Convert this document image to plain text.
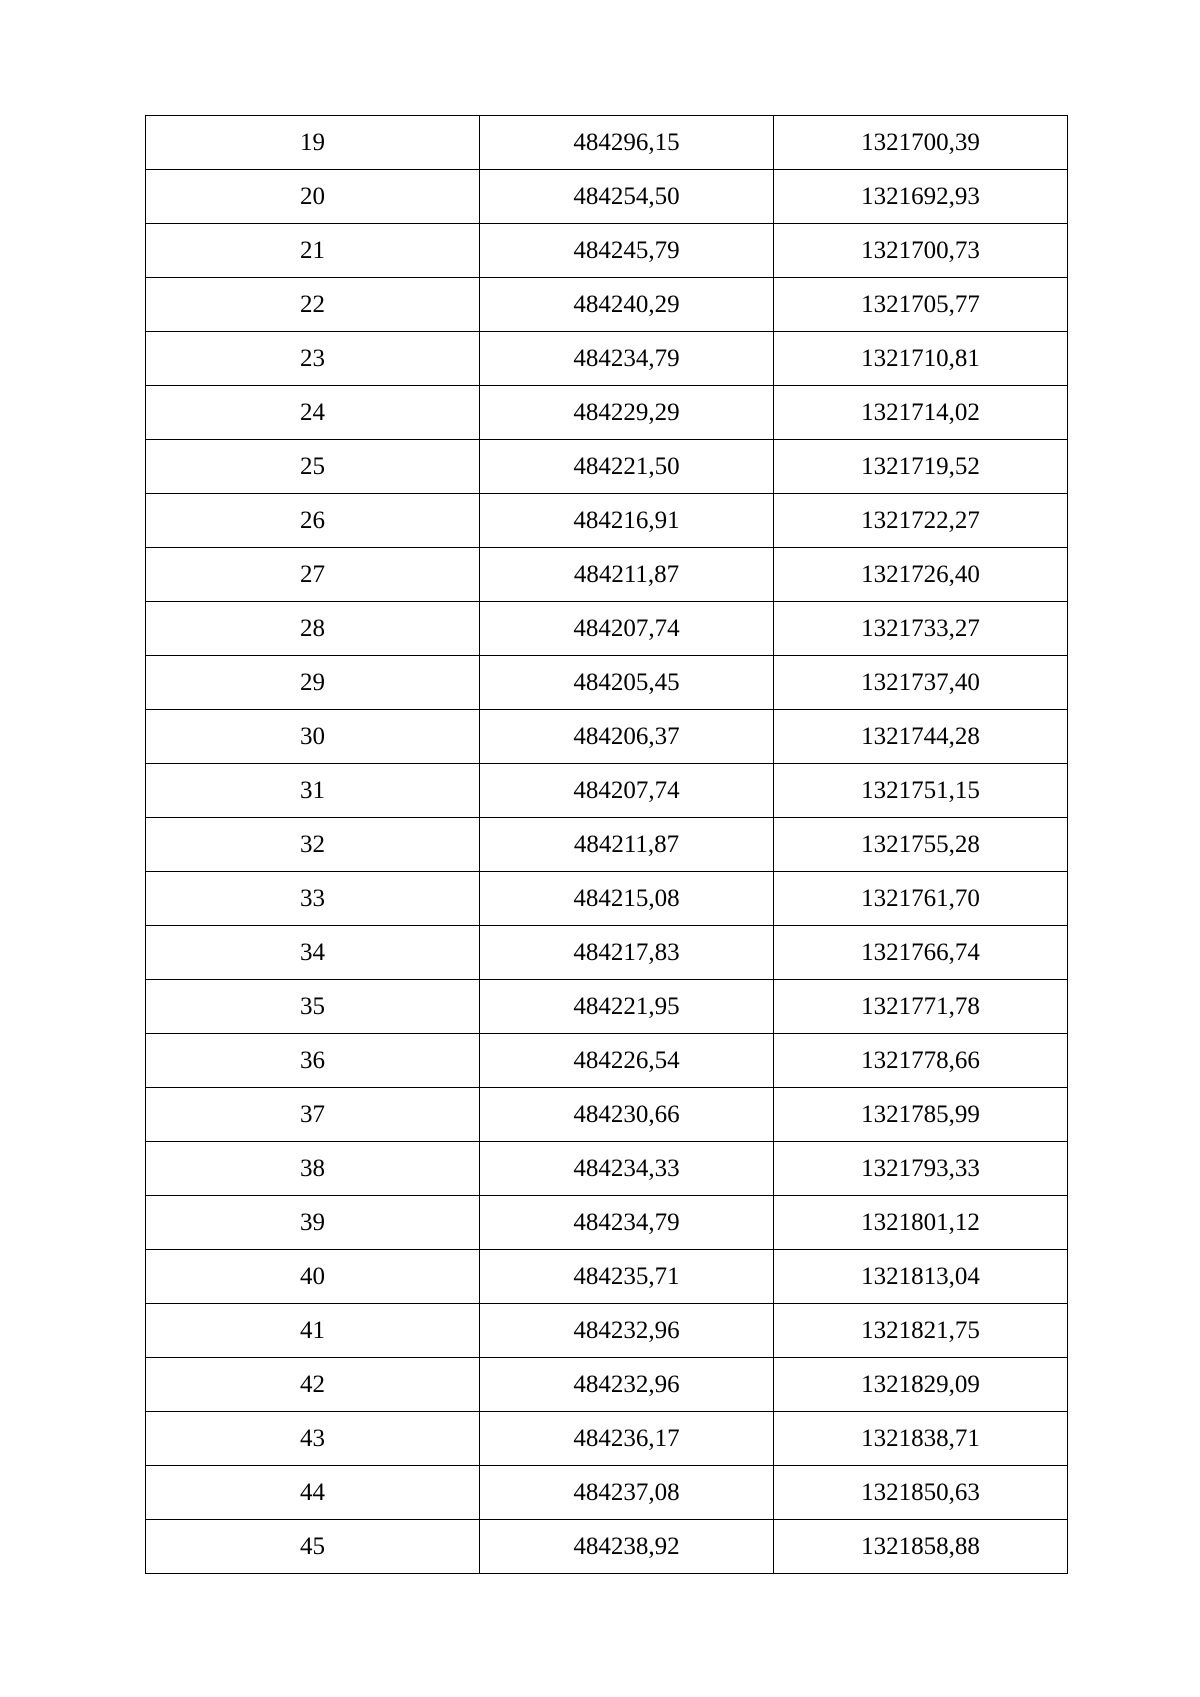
19	484296,15	1321700,39
20	484254,50	1321692,93
21	484245,79	1321700,73
22	484240,29	1321705,77
23	484234,79	1321710,81
24	484229,29	1321714,02
25	484221,50	1321719,52
26	484216,91	1321722,27
27	484211,87	1321726,40
28	484207,74	1321733,27
29	484205,45	1321737,40
30	484206,37	1321744,28
31	484207,74	1321751,15
32	484211,87	1321755,28
33	484215,08	1321761,70
34	484217,83	1321766,74
35	484221,95	1321771,78
36	484226,54	1321778,66
37	484230,66	1321785,99
38	484234,33	1321793,33
39	484234,79	1321801,12
40	484235,71	1321813,04
41	484232,96	1321821,75
42	484232,96	1321829,09
43	484236,17	1321838,71
44	484237,08	1321850,63
45	484238,92	1321858,88
